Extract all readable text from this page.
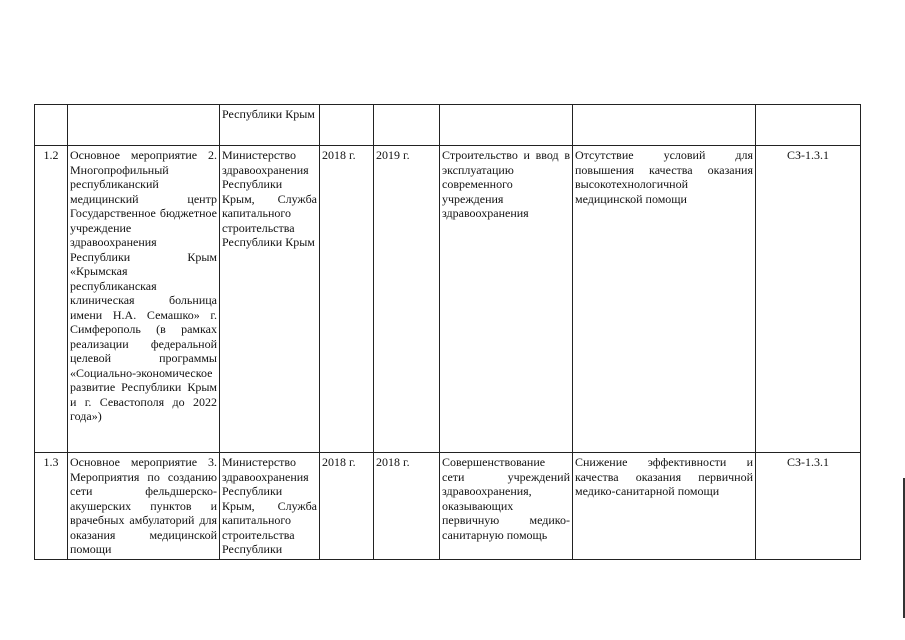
		Республики Крым					
1.2	Основное мероприятие 2. Многопрофильный республиканский медицинский центр Государственное бюджетное учреждение здравоохранения Республики Крым «Крымская республиканская клиническая больница имени Н.А. Семашко» г. Симферополь (в рамках реализации федеральной целевой программы «Социально-экономическое развитие Республики Крым и г. Севастополя до 2022 года»)	Министерство здравоохранения Республики Крым, Служба капитального строительства Республики Крым	2018 г.	2019 г.	Строительство и ввод в эксплуатацию современного учреждения здравоохранения	Отсутствие условий для повышения качества оказания высокотехнологичной медицинской помощи	СЗ-1.3.1
1.3	Основное мероприятие 3. Мероприятия по созданию сети фельдшерско-акушерских пунктов и врачебных амбулаторий для оказания медицинской помощи	Министерство здравоохранения Республики Крым, Служба капитального строительства Республики	2018 г.	2018 г.	Совершенствование сети учреждений здравоохранения, оказывающих первичную медико-санитарную помощь	Снижение эффективности и качества оказания первичной медико-санитарной помощи	СЗ-1.3.1
